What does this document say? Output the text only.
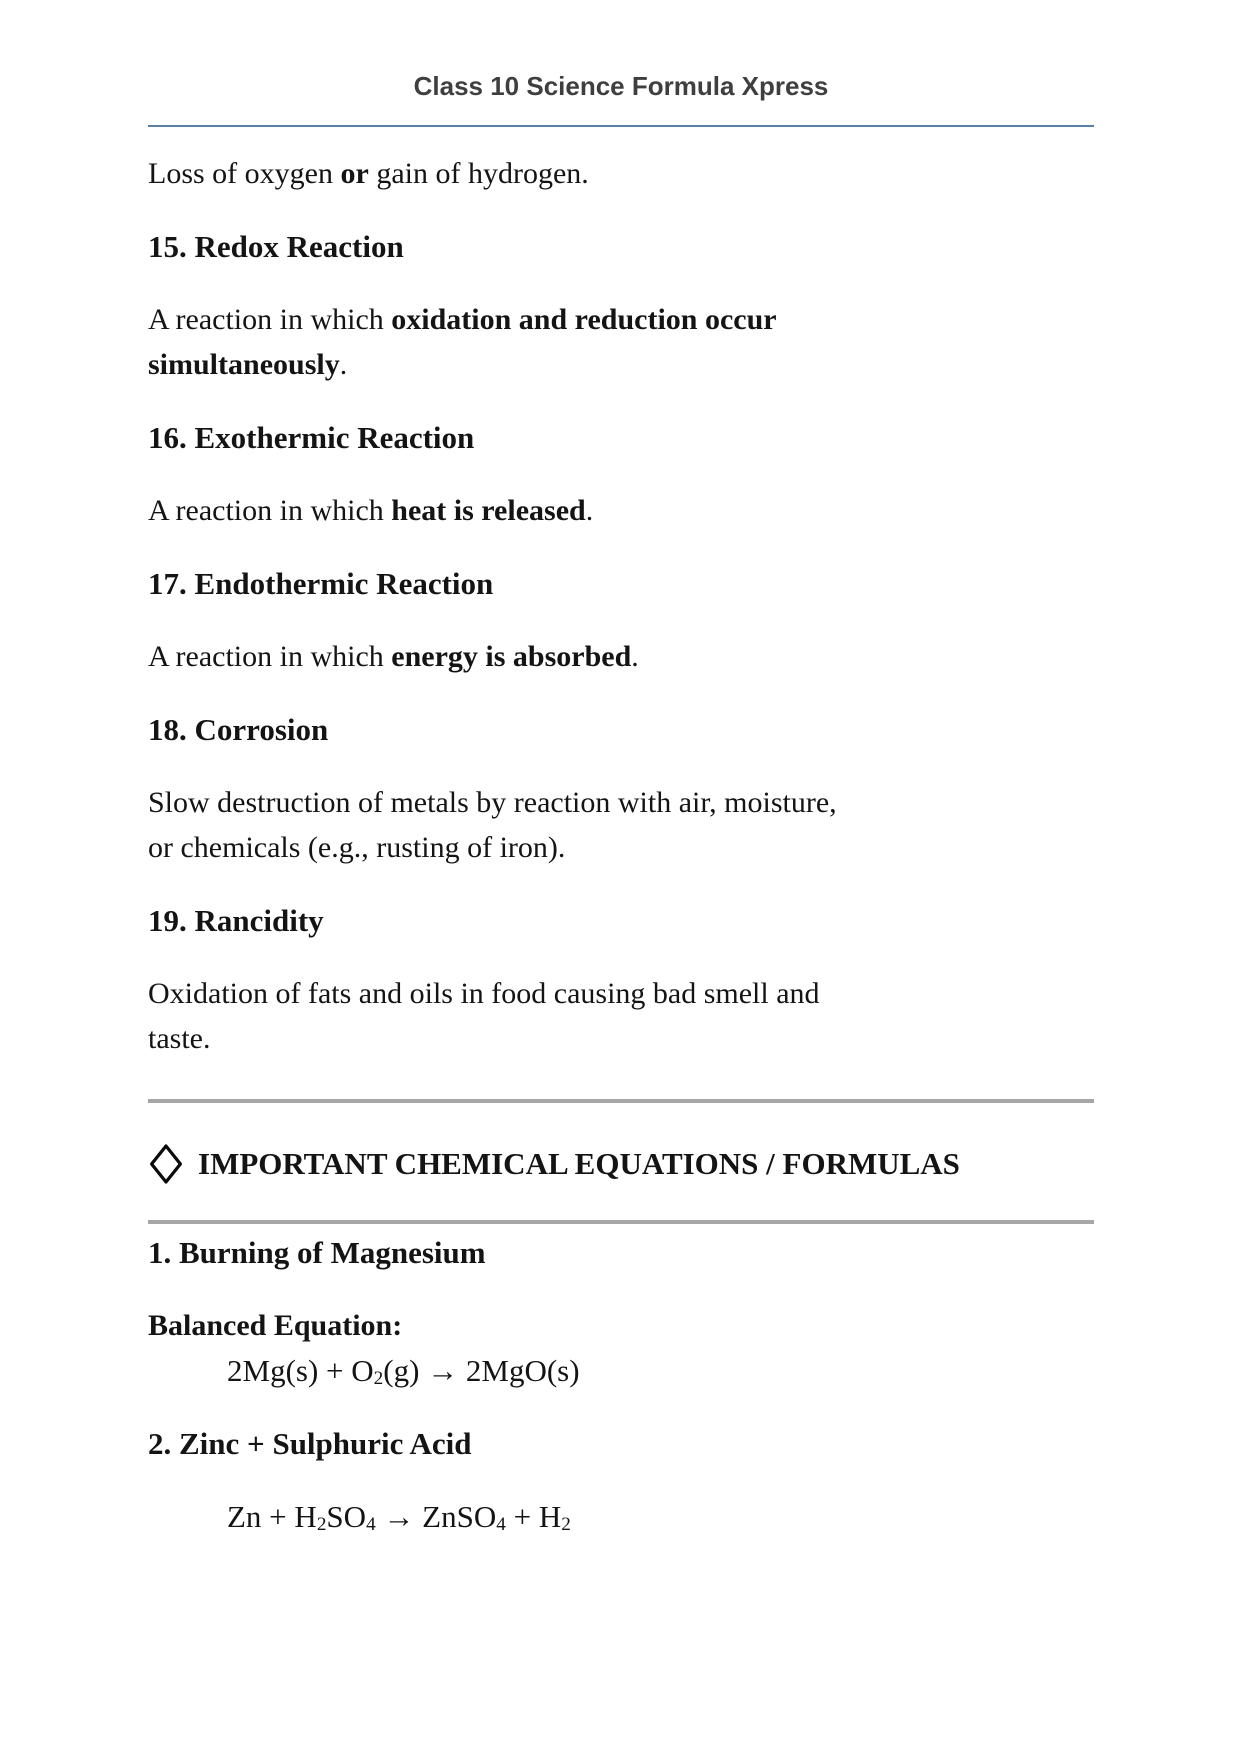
Class 10 Science Formula Xpress

Loss of oxygen or gain of hydrogen.

15. Redox Reaction

A reaction in which oxidation and reduction occur
simultaneously.

16. Exothermic Reaction

A reaction in which heat is released.

17. Endothermic Reaction

A reaction in which energy is absorbed.

18. Corrosion

Slow destruction of metals by reaction with air, moisture,
or chemicals (e.g., rusting of iron).

19. Rancidity

Oxidation of fats and oils in food causing bad smell and
taste.

IMPORTANT CHEMICAL EQUATIONS / FORMULAS
1. Burning of Magnesium

Balanced Equation:

$2Mg(s) + O_2(g) \to 2MgO(s)$

2. Zinc + Sulphuric Acid

$Zn + H_2SO_4$ → ZnSO$_4$ + $H_2$
